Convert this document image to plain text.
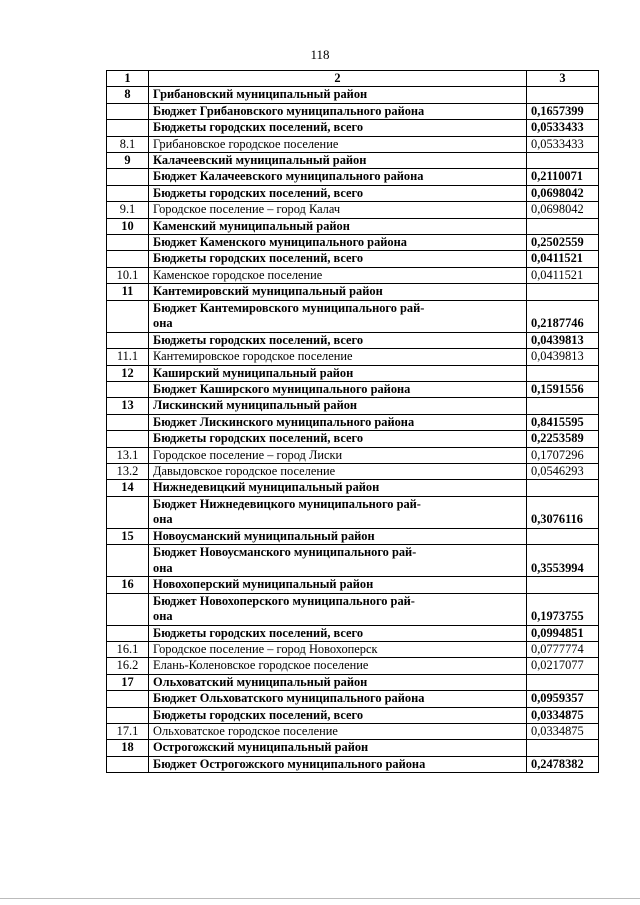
118
1	2	3
8	Грибановский муниципальный район	
	Бюджет Грибановского муниципального района	0,1657399
	Бюджеты городских поселений, всего	0,0533433
8.1	Грибановское городское поселение	0,0533433
9	Калачеевский муниципальный район	
	Бюджет Калачеевского муниципального района	0,2110071
	Бюджеты городских поселений, всего	0,0698042
9.1	Городское поселение – город Калач	0,0698042
10	Каменский муниципальный район	
	Бюджет Каменского муниципального района	0,2502559
	Бюджеты городских поселений, всего	0,0411521
10.1	Каменское городское поселение	0,0411521
11	Кантемировский муниципальный район	

	Бюджет Кантемировского муниципального рай-
она	0,2187746
	Бюджеты городских поселений, всего	0,0439813
11.1	Кантемировское городское поселение	0,0439813
12	Каширский муниципальный район	
	Бюджет Каширского муниципального района	0,1591556
13	Лискинский муниципальный район	
	Бюджет Лискинского муниципального района	0,8415595
	Бюджеты городских поселений, всего	0,2253589
13.1	Городское поселение – город Лиски	0,1707296
13.2	Давыдовское городское поселение	0,0546293
14	Нижнедевицкий муниципальный район	

	Бюджет Нижнедевицкого муниципального рай-
она	0,3076116
15	Новоусманский муниципальный район	

	Бюджет Новоусманского муниципального рай-
она	0,3553994
16	Новохоперский муниципальный район	

	Бюджет Новохоперского муниципального рай-
она	0,1973755
	Бюджеты городских поселений, всего	0,0994851
16.1	Городское поселение – город Новохоперск	0,0777774
16.2	Елань-Коленовское городское поселение	0,0217077
17	Ольховатский муниципальный район	
	Бюджет Ольховатского муниципального района	0,0959357
	Бюджеты городских поселений, всего	0,0334875
17.1	Ольховатское городское поселение	0,0334875
18	Острогожский муниципальный район	
	Бюджет Острогожского муниципального района	0,2478382
